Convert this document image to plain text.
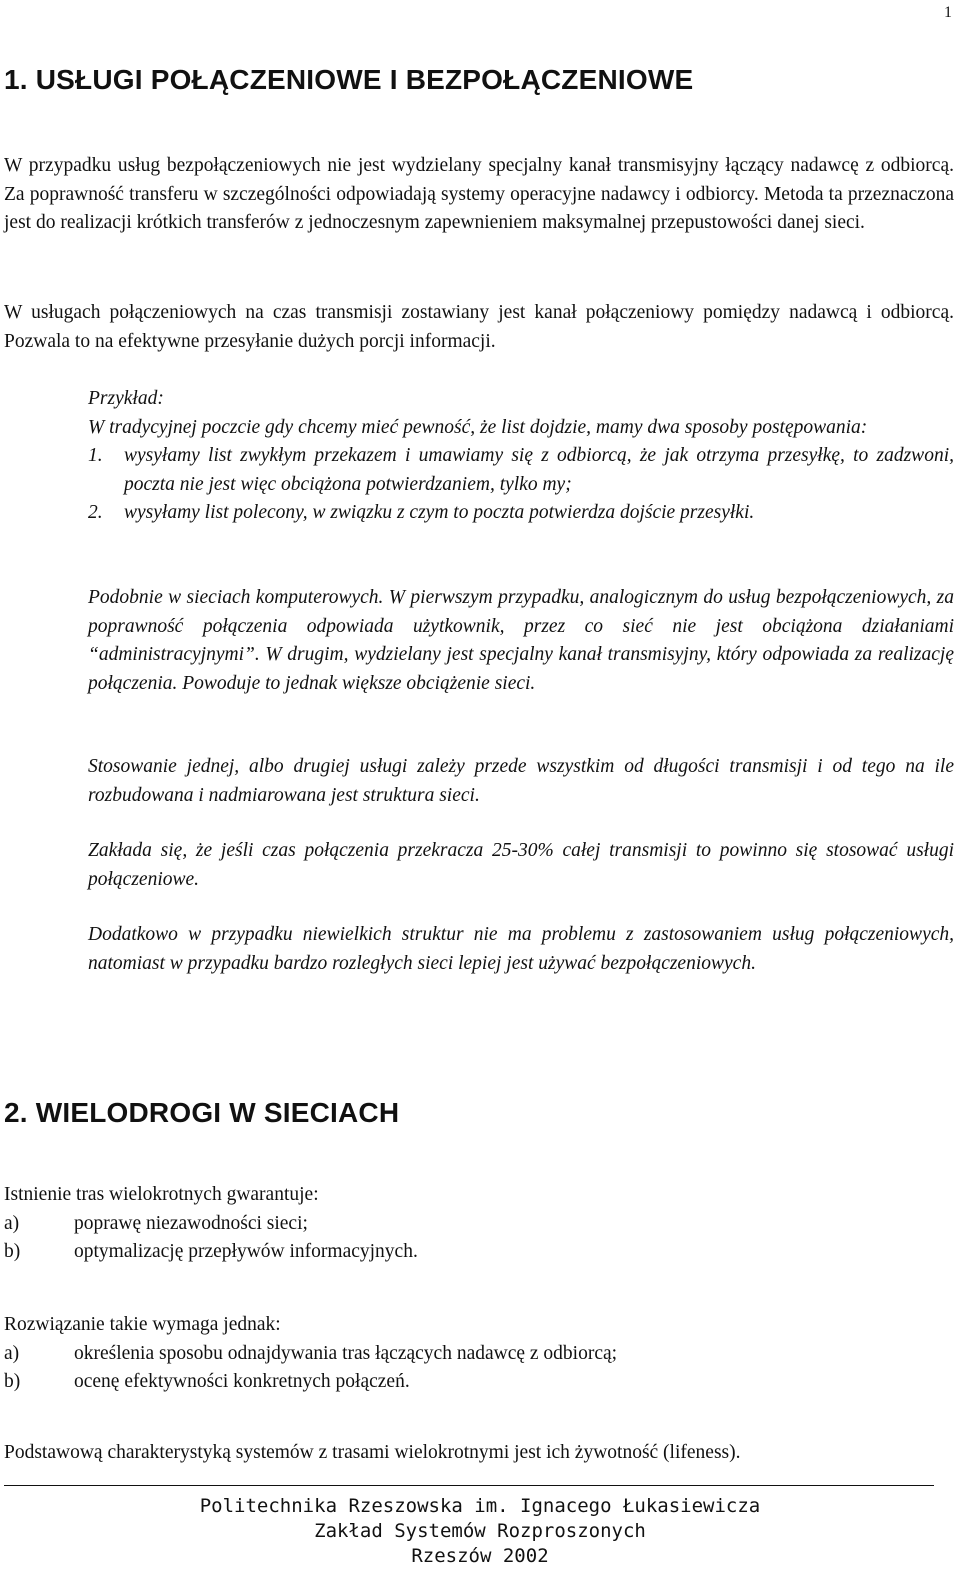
1
1. USŁUGI POŁĄCZENIOWE I BEZPOŁĄCZENIOWE

W przypadku usług bezpołączeniowych nie jest wydzielany specjalny kanał transmisyjny łączący nadawcę z odbiorcą. Za poprawność transferu w szczególności odpowiadają systemy operacyjne nadawcy i odbiorcy. Metoda ta przeznaczona jest do realizacji krótkich transferów z jednoczesnym zapewnieniem maksymalnej przepustowości danej sieci.

W usługach połączeniowych na czas transmisji zostawiany jest kanał połączeniowy pomiędzy nadawcą i odbiorcą. Pozwala to na efektywne przesyłanie dużych porcji informacji.

Przykład:

W tradycyjnej poczcie gdy chcemy mieć pewność, że list dojdzie, mamy dwa sposoby postępowania:

1.	wysyłamy list zwykłym przekazem i umawiamy się z odbiorcą, że jak otrzyma przesyłkę, to zadzwoni, poczta nie jest więc obciążona potwierdzaniem, tylko my;
2.	wysyłamy list polecony, w związku z czym to poczta potwierdza dojście przesyłki.

Podobnie w sieciach komputerowych. W pierwszym przypadku, analogicznym do usług bezpołączeniowych, za poprawność połączenia odpowiada użytkownik, przez co sieć nie jest obciążona działaniami “administracyjnymi”. W drugim, wydzielany jest specjalny kanał transmisyjny, który odpowiada za realizację połączenia. Powoduje to jednak większe obciążenie sieci.

Stosowanie jednej, albo drugiej usługi zależy przede wszystkim od długości transmisji i od tego na ile rozbudowana i nadmiarowana jest struktura sieci.

Zakłada się, że jeśli czas połączenia przekracza 25-30% całej transmisji to powinno się stosować usługi połączeniowe.

Dodatkowo w przypadku niewielkich struktur nie ma problemu z zastosowaniem usług połączeniowych, natomiast w przypadku bardzo rozległych sieci lepiej jest używać bezpołączeniowych.

2. WIELODROGI W SIECIACH

Istnienie tras wielokrotnych gwarantuje:

a)	poprawę niezawodności sieci;
b)	optymalizację przepływów informacyjnych.

Rozwiązanie takie wymaga jednak:

a)	określenia sposobu odnajdywania tras łączących nadawcę z odbiorcą;
b)	ocenę efektywności konkretnych połączeń.

Podstawową charakterystyką systemów z trasami wielokrotnymi jest ich żywotność (lifeness).

Politechnika Rzeszowska im. Ignacego Łukasiewicza
Zakład Systemów Rozproszonych
Rzeszów 2002
